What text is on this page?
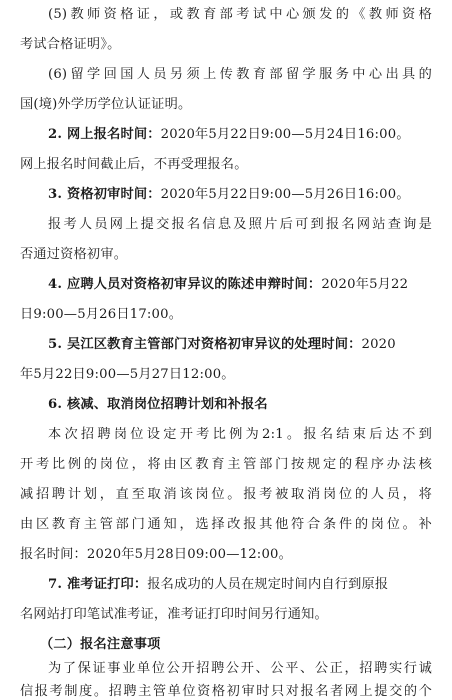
(5)教师资格证，或教育部考试中心颁发的《教师资格
考试合格证明》。
(6)留学回国人员另须上传教育部留学服务中心出具的
国(境)外学历学位认证证明。
2. 网上报名时间：2020年5月22日9:00—5月24日16:00。
网上报名时间截止后，不再受理报名。
3. 资格初审时间：2020年5月22日9:00—5月26日16:00。
报考人员网上提交报名信息及照片后可到报名网站查询是
否通过资格初审。
4. 应聘人员对资格初审异议的陈述申辩时间：2020年5月22
日9:00—5月26日17:00。
5. 吴江区教育主管部门对资格初审异议的处理时间：2020
年5月22日9:00—5月27日12:00。
6. 核减、取消岗位招聘计划和补报名
本次招聘岗位设定开考比例为2:1。报名结束后达不到
开考比例的岗位，将由区教育主管部门按规定的程序办法核
减招聘计划，直至取消该岗位。报考被取消岗位的人员，将
由区教育主管部门通知，选择改报其他符合条件的岗位。补
报名时间：2020年5月28日09:00—12:00。
7. 准考证打印：报名成功的人员在规定时间内自行到原报
名网站打印笔试准考证，准考证打印时间另行通知。
（二）报名注意事项
为了保证事业单位公开招聘公开、公平、公正，招聘实行诚
信报考制度。招聘主管单位资格初审时只对报名者网上提交的个
